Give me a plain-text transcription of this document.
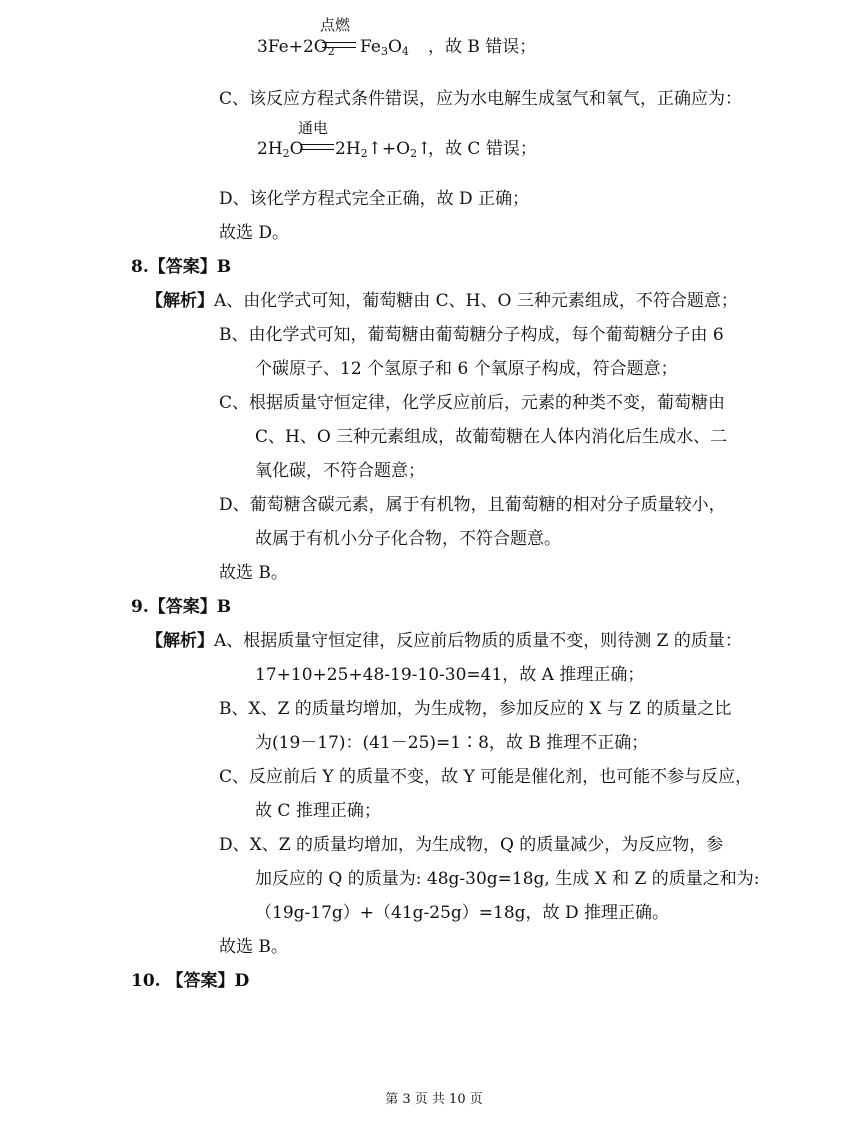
点燃
$3Fe+2O_2$ $Fe_3O_4$ ，故 B 错误；
C、该反应方程式条件错误，应为水电解生成氢气和氧气，正确应为：
通电
$2H_2O$ $2H_2↑+O_2↑$
，故 C 错误；
D、该化学方程式完全正确，故 D 正确；
故选 D。
8.【答案】B
【解析】A、由化学式可知，葡萄糖由 C、H、O 三种元素组成，不符合题意；
B、由化学式可知，葡萄糖由葡萄糖分子构成，每个葡萄糖分子由 6
个碳原子、12 个氢原子和 6 个氧原子构成，符合题意；
C、根据质量守恒定律，化学反应前后，元素的种类不变，葡萄糖由
C、H、O 三种元素组成，故葡萄糖在人体内消化后生成水、二
氧化碳，不符合题意；
D、葡萄糖含碳元素，属于有机物，且葡萄糖的相对分子质量较小，
故属于有机小分子化合物，不符合题意。
故选 B。
9.【答案】B
【解析】A、根据质量守恒定律，反应前后物质的质量不变，则待测 Z 的质量：
17+10+25+48-19-10-30=41，故 A 推理正确；
B、X、Z 的质量均增加，为生成物，参加反应的 X 与 Z 的质量之比
为(19－17)：(41－25)=1∶8，故 B 推理不正确；
C、反应前后 Y 的质量不变，故 Y 可能是催化剂，也可能不参与反应，
故 C 推理正确；
D、X、Z 的质量均增加，为生成物，Q 的质量减少，为反应物，参
加反应的 Q 的质量为: 48g-30g=18g, 生成 X 和 Z 的质量之和为:
（19g-17g）+（41g-25g）=18g，故 D 推理正确。
故选 B。
10. 【答案】D
第 3 页 共 10 页
